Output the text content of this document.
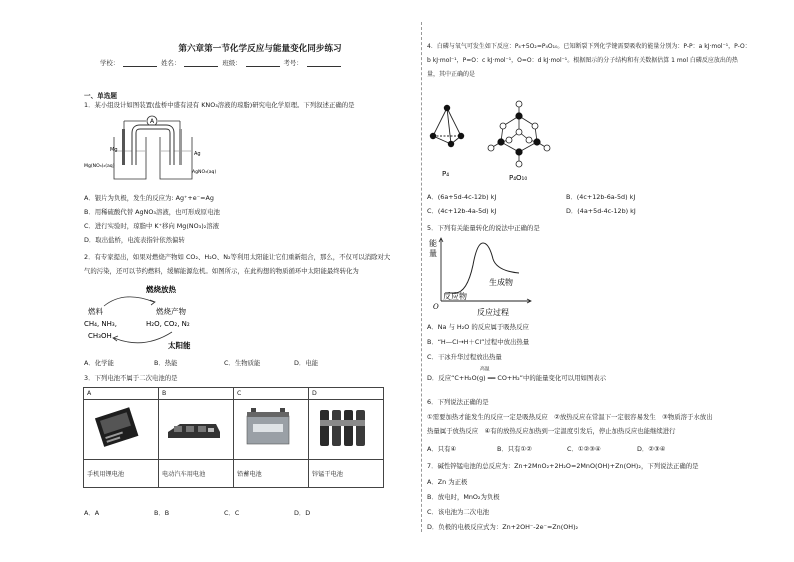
第六章第一节化学反应与能量变化同步练习
学校：	姓名：	班级：	考号：
一、单选题
1．某小组设计如图装置(盐桥中盛有浸有 KNO₃溶液的琼脂)研究电化学原理。下列叙述正确的是
A
Mg
Ag
Mg(NO₃)₂(aq)
AgNO₃(aq)
A．银片为负极，发生的反应为: Ag⁺+e⁻=Ag
B．用稀硫酸代替 AgNO₃溶液，也可形成原电池
C．进行实验时，琼脂中 K⁺移向 Mg(NO₃)₂溶液
D．取出盐桥，电流表指针依然偏转
2．有专家提出，如果对燃烧产物如 CO₂、H₂O、N₂等利用太阳能让它们重新组合，那么，不仅可以消除对大
气的污染，还可以节约燃料，缓解能源危机。如图所示，在此构想的物质循环中太阳能最终转化为
燃烧放热
燃料
CH₄, NH₃,
CH₃OH
燃烧产物
H₂O, CO₂, N₂
太阳能
A．化学能	B．热能	C．生物质能	D．电能
3．下列电池不属于二次电池的是
A	B	C	D

手机用锂电池	电动汽车用电池	铅蓄电池	锌锰干电池
A．A	B．B	C．C	D．D
4．白磷与氧气可发生如下反应：P₄+5O₂=P₄O₁₀。已知断裂下列化学键需要吸收的能量分别为：P-P：a kJ·mol⁻¹，P-O：
b kJ·mol⁻¹，P=O：c kJ·mol⁻¹，O=O：d kJ·mol⁻¹。根据图示的分子结构和有关数据估算 1 mol 白磷反应放出的热
量，其中正确的是
P₄	P₄O₁₀
A．(6a+5d-4c-12b) kJ	B．(4c+12b-6a-5d) kJ
C．(4c+12b-4a-5d) kJ	D．(4a+5d-4c-12b) kJ
5．下列有关能量转化的说法中正确的是
能
量
O
生成物
反应物
反应过程
A．Na 与 H₂O 的反应属于吸热反应
B．“H—Cl→H＋Cl”过程中放出热量
C．干冰升华过程放出热量
高温
D．反应“C+H₂O(g) ══ CO+H₂”中的能量变化可以用如图表示
6．下列说法正确的是
①需要加热才能发生的反应一定是吸热反应　②放热反应在常温下一定很容易发生　③物质溶于水放出
热量属于放热反应　④有的放热反应加热到一定温度引发后，停止加热反应也能继续进行
A．只有④	B．只有①②	C．①②③④	D．②③④
7．碱性锌锰电池的总反应为：Zn+2MnO₂+2H₂O=2MnO(OH)+Zn(OH)₂，下列说法正确的是
A．Zn 为正极
B．放电时，MnO₂为负极
C．该电池为二次电池
D．负极的电极反应式为：Zn+2OH⁻-2e⁻=Zn(OH)₂
